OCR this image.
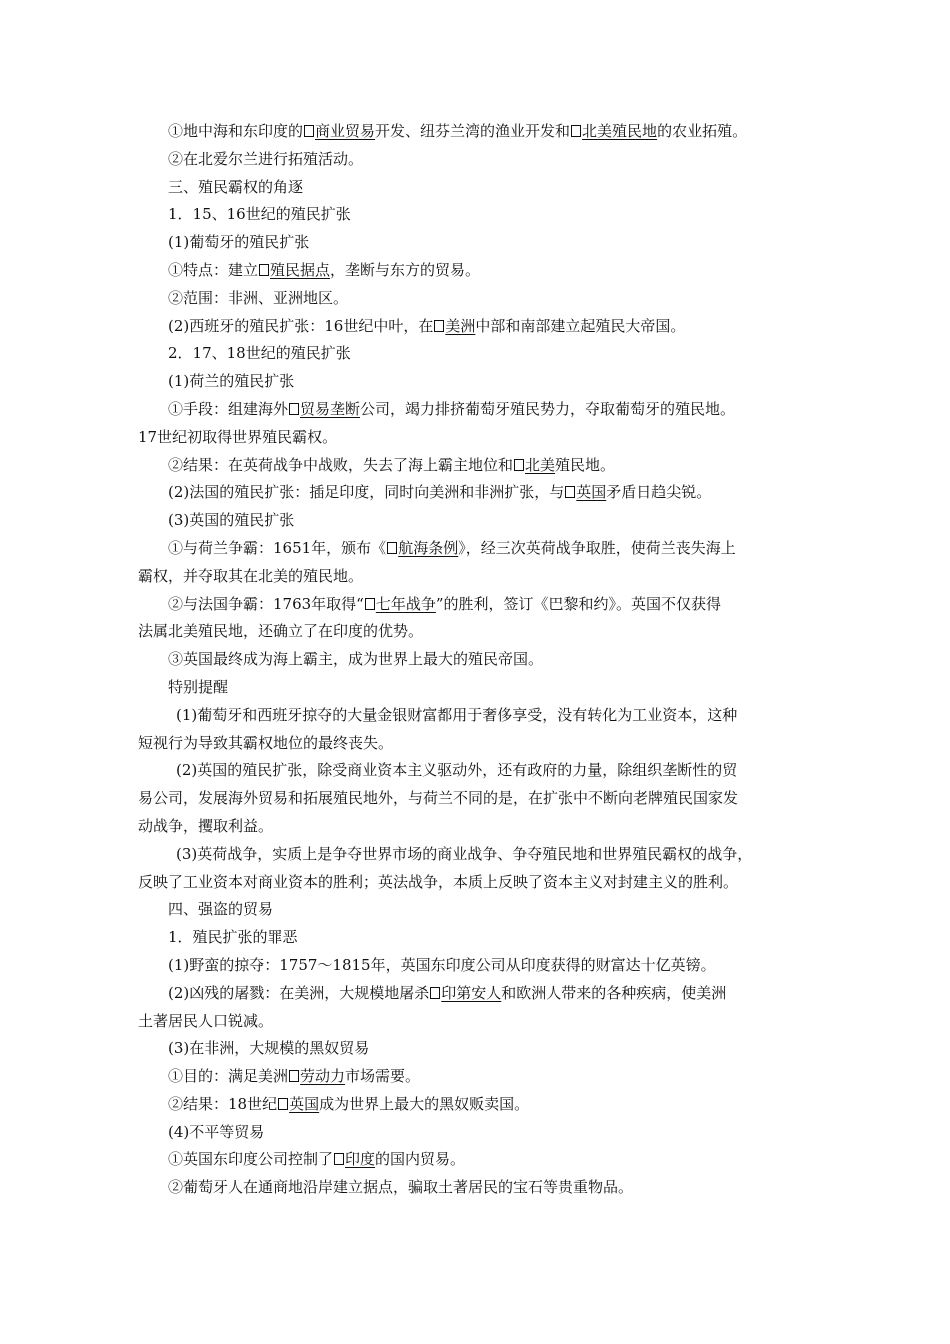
①地中海和东印度的 商业贸易开发、纽芬兰湾的渔业开发和 北美殖民地的农业拓殖。
②在北爱尔兰进行拓殖活动。
三、殖民霸权的角逐
1．15、16世纪的殖民扩张
(1)葡萄牙的殖民扩张
①特点：建立 殖民据点，垄断与东方的贸易。
②范围：非洲、亚洲地区。
(2)西班牙的殖民扩张：16世纪中叶，在 美洲中部和南部建立起殖民大帝国。
2．17、18世纪的殖民扩张
(1)荷兰的殖民扩张
①手段：组建海外 贸易垄断公司，竭力排挤葡萄牙殖民势力，夺取葡萄牙的殖民地。
17世纪初取得世界殖民霸权。
②结果：在英荷战争中战败，失去了海上霸主地位和 北美殖民地。
(2)法国的殖民扩张：插足印度，同时向美洲和非洲扩张，与 英国矛盾日趋尖锐。
(3)英国的殖民扩张
①与荷兰争霸：1651年，颁布《 航海条例》，经三次英荷战争取胜，使荷兰丧失海上
霸权，并夺取其在北美的殖民地。
②与法国争霸：1763年取得“ 七年战争”的胜利，签订《巴黎和约》。英国不仅获得
法属北美殖民地，还确立了在印度的优势。
③英国最终成为海上霸主，成为世界上最大的殖民帝国。
特别提醒
(1)葡萄牙和西班牙掠夺的大量金银财富都用于奢侈享受，没有转化为工业资本，这种
短视行为导致其霸权地位的最终丧失。
(2)英国的殖民扩张，除受商业资本主义驱动外，还有政府的力量，除组织垄断性的贸
易公司，发展海外贸易和拓展殖民地外，与荷兰不同的是，在扩张中不断向老牌殖民国家发
动战争，攫取利益。
(3)英荷战争，实质上是争夺世界市场的商业战争、争夺殖民地和世界殖民霸权的战争，
反映了工业资本对商业资本的胜利；英法战争，本质上反映了资本主义对封建主义的胜利。
四、强盗的贸易
1．殖民扩张的罪恶
(1)野蛮的掠夺：1757～1815年，英国东印度公司从印度获得的财富达十亿英镑。
(2)凶残的屠戮：在美洲，大规模地屠杀 印第安人和欧洲人带来的各种疾病，使美洲
土著居民人口锐减。
(3)在非洲，大规模的黑奴贸易
①目的：满足美洲 劳动力市场需要。
②结果：18世纪 英国成为世界上最大的黑奴贩卖国。
(4)不平等贸易
①英国东印度公司控制了 印度的国内贸易。
②葡萄牙人在通商地沿岸建立据点，骗取土著居民的宝石等贵重物品。
